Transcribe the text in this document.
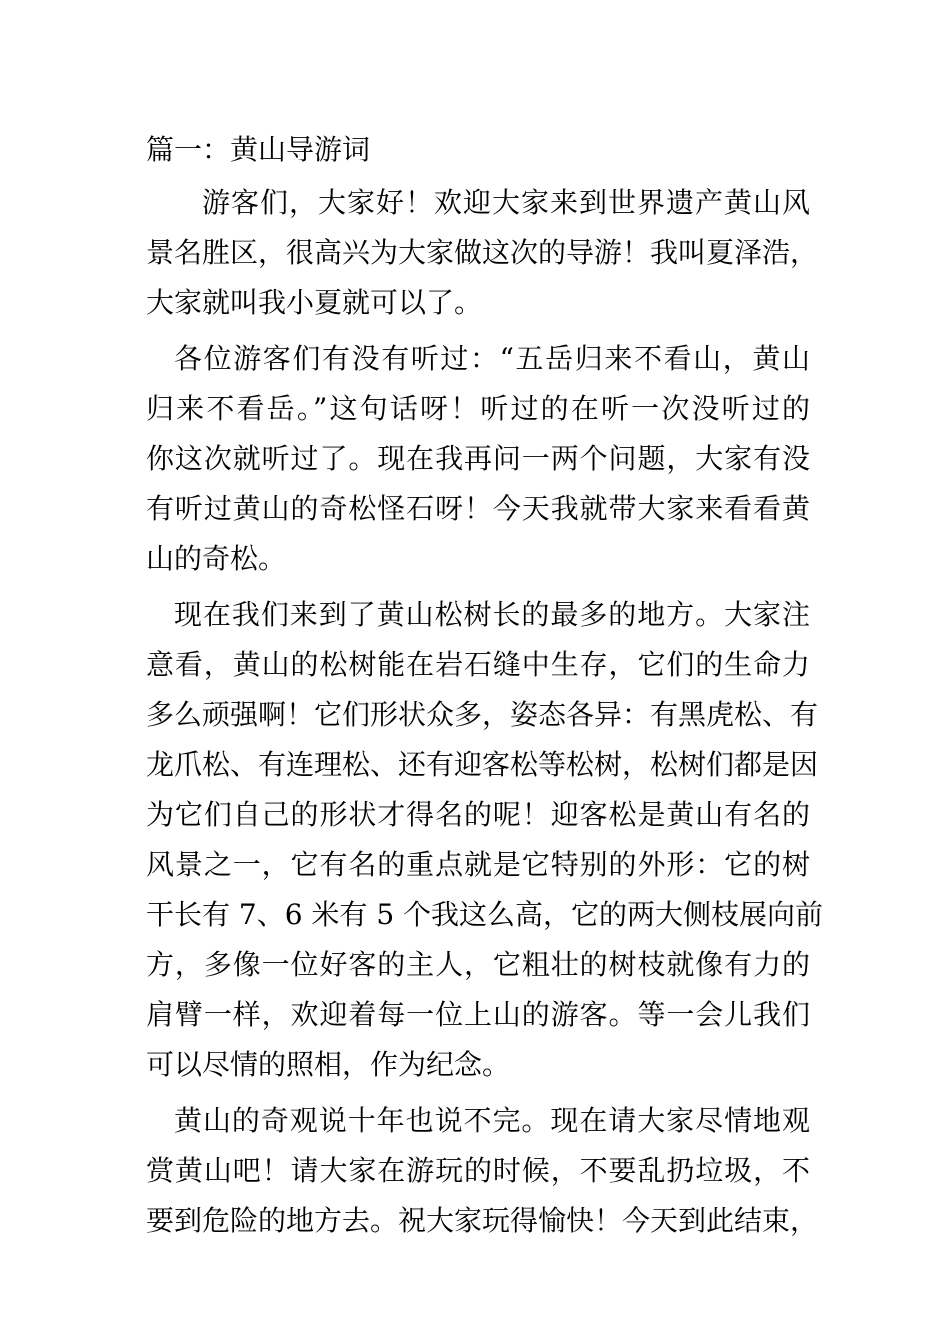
篇一：黄山导游词
游客们，大家好！欢迎大家来到世界遗产黄山风
景名胜区，很高兴为大家做这次的导游！我叫夏泽浩，
大家就叫我小夏就可以了。
各位游客们有没有听过：“五岳归来不看山，黄山
归来不看岳。”这句话呀！听过的在听一次没听过的
你这次就听过了。现在我再问一两个问题，大家有没
有听过黄山的奇松怪石呀！今天我就带大家来看看黄
山的奇松。
现在我们来到了黄山松树长的最多的地方。大家注
意看，黄山的松树能在岩石缝中生存，它们的生命力
多么顽强啊！它们形状众多，姿态各异：有黑虎松、有
龙爪松、有连理松、还有迎客松等松树，松树们都是因
为它们自己的形状才得名的呢！迎客松是黄山有名的
风景之一，它有名的重点就是它特别的外形：它的树
干长有 7、6 米有 5 个我这么高，它的两大侧枝展向前
方，多像一位好客的主人，它粗壮的树枝就像有力的
肩臂一样，欢迎着每一位上山的游客。等一会儿我们
可以尽情的照相，作为纪念。
黄山的奇观说十年也说不完。现在请大家尽情地观
赏黄山吧！请大家在游玩的时候，不要乱扔垃圾，不
要到危险的地方去。祝大家玩得愉快！今天到此结束，
